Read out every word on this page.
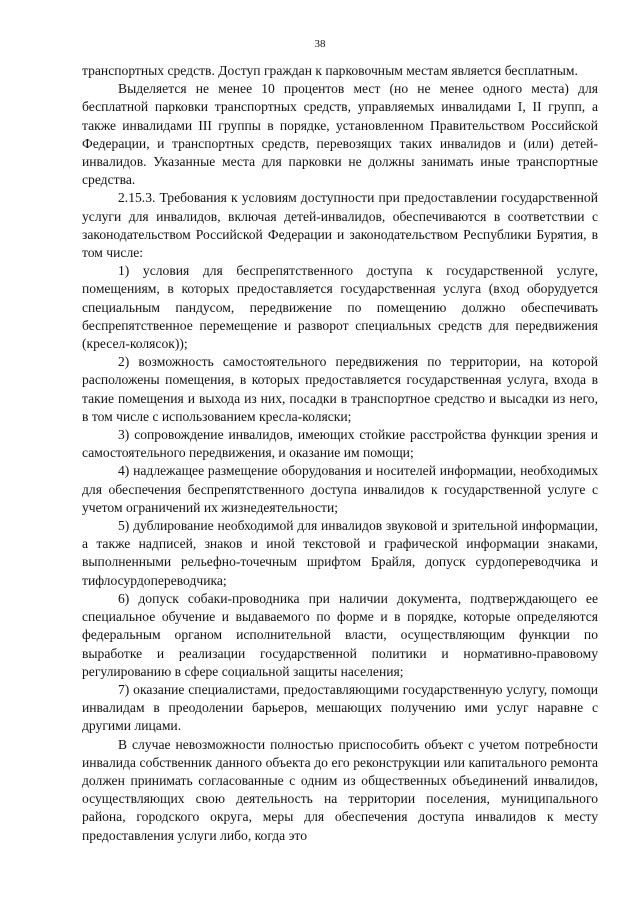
38

транспортных средств. Доступ граждан к парковочным местам является бесплатным.

Выделяется не менее 10 процентов мест (но не менее одного места) для бесплатной парковки транспортных средств, управляемых инвалидами I, II групп, а также инвалидами III группы в порядке, установленном Правительством Российской Федерации, и транспортных средств, перевозящих таких инвалидов и (или) детей-инвалидов. Указанные места для парковки не должны занимать иные транспортные средства.

2.15.3. Требования к условиям доступности при предоставлении государственной услуги для инвалидов, включая детей-инвалидов, обеспечиваются в соответствии с законодательством Российской Федерации и законодательством Республики Бурятия, в том числе:

1) условия для беспрепятственного доступа к государственной услуге, помещениям, в которых предоставляется государственная услуга (вход оборудуется специальным пандусом, передвижение по помещению должно обеспечивать беспрепятственное перемещение и разворот специальных средств для передвижения (кресел-колясок));

2) возможность самостоятельного передвижения по территории, на которой расположены помещения, в которых предоставляется государственная услуга, входа в такие помещения и выхода из них, посадки в транспортное средство и высадки из него, в том числе с использованием кресла-коляски;

3) сопровождение инвалидов, имеющих стойкие расстройства функции зрения и самостоятельного передвижения, и оказание им помощи;

4) надлежащее размещение оборудования и носителей информации, необходимых для обеспечения беспрепятственного доступа инвалидов к государственной услуге с учетом ограничений их жизнедеятельности;

5) дублирование необходимой для инвалидов звуковой и зрительной информации, а также надписей, знаков и иной текстовой и графической информации знаками, выполненными рельефно-точечным шрифтом Брайля, допуск сурдопереводчика и тифлосурдопереводчика;

6) допуск собаки-проводника при наличии документа, подтверждающего ее специальное обучение и выдаваемого по форме и в порядке, которые определяются федеральным органом исполнительной власти, осуществляющим функции по выработке и реализации государственной политики и нормативно-правовому регулированию в сфере социальной защиты населения;

7) оказание специалистами, предоставляющими государственную услугу, помощи инвалидам в преодолении барьеров, мешающих получению ими услуг наравне с другими лицами.

В случае невозможности полностью приспособить объект с учетом потребности инвалида собственник данного объекта до его реконструкции или капитального ремонта должен принимать согласованные с одним из общественных объединений инвалидов, осуществляющих свою деятельность на территории поселения, муниципального района, городского округа, меры для обеспечения доступа инвалидов к месту предоставления услуги либо, когда это
